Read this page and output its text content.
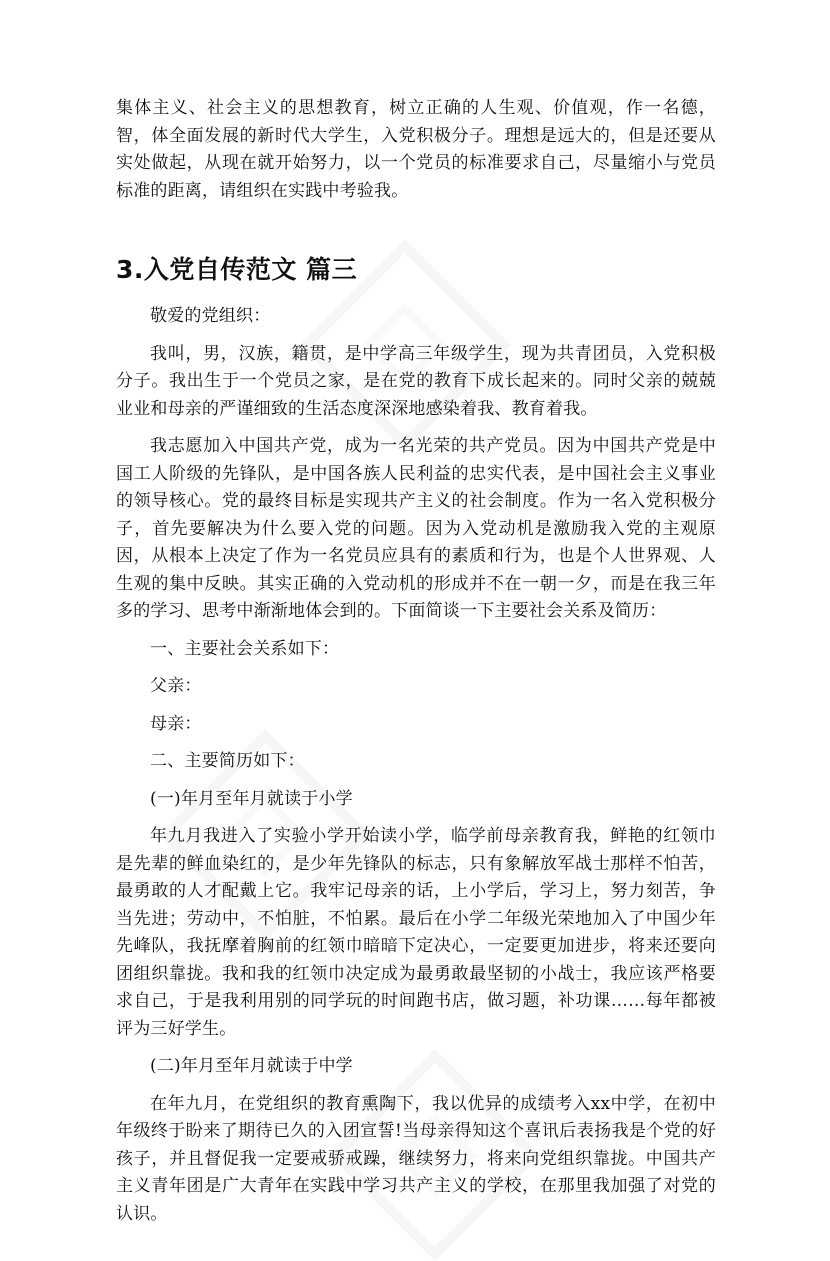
集体主义、社会主义的思想教育，树立正确的人生观、价值观，作一名德，智，体全面发展的新时代大学生，入党积极分子。理想是远大的，但是还要从实处做起，从现在就开始努力，以一个党员的标准要求自己，尽量缩小与党员标准的距离，请组织在实践中考验我。

3.入党自传范文 篇三

敬爱的党组织：

我叫，男，汉族，籍贯，是中学高三年级学生，现为共青团员，入党积极分子。我出生于一个党员之家，是在党的教育下成长起来的。同时父亲的兢兢业业和母亲的严谨细致的生活态度深深地感染着我、教育着我。

我志愿加入中国共产党，成为一名光荣的共产党员。因为中国共产党是中国工人阶级的先锋队，是中国各族人民利益的忠实代表，是中国社会主义事业的领导核心。党的最终目标是实现共产主义的社会制度。作为一名入党积极分子，首先要解决为什么要入党的问题。因为入党动机是激励我入党的主观原因，从根本上决定了作为一名党员应具有的素质和行为，也是个人世界观、人生观的集中反映。其实正确的入党动机的形成并不在一朝一夕，而是在我三年多的学习、思考中渐渐地体会到的。下面简谈一下主要社会关系及简历：

一、主要社会关系如下：

父亲：

母亲：

二、主要简历如下：

(一)年月至年月就读于小学

年九月我进入了实验小学开始读小学，临学前母亲教育我，鲜艳的红领巾是先辈的鲜血染红的，是少年先锋队的标志，只有象解放军战士那样不怕苦，最勇敢的人才配戴上它。我牢记母亲的话，上小学后，学习上，努力刻苦，争当先进；劳动中，不怕脏，不怕累。最后在小学二年级光荣地加入了中国少年先峰队，我抚摩着胸前的红领巾暗暗下定决心，一定要更加进步，将来还要向团组织靠拢。我和我的红领巾决定成为最勇敢最坚韧的小战士，我应该严格要求自己，于是我利用别的同学玩的时间跑书店，做习题，补功课……每年都被评为三好学生。

(二)年月至年月就读于中学

在年九月，在党组织的教育熏陶下，我以优异的成绩考入xx中学，在初中年级终于盼来了期待已久的入团宣誓!当母亲得知这个喜讯后表扬我是个党的好孩子，并且督促我一定要戒骄戒躁，继续努力，将来向党组织靠拢。中国共产主义青年团是广大青年在实践中学习共产主义的学校，在那里我加强了对党的认识。
